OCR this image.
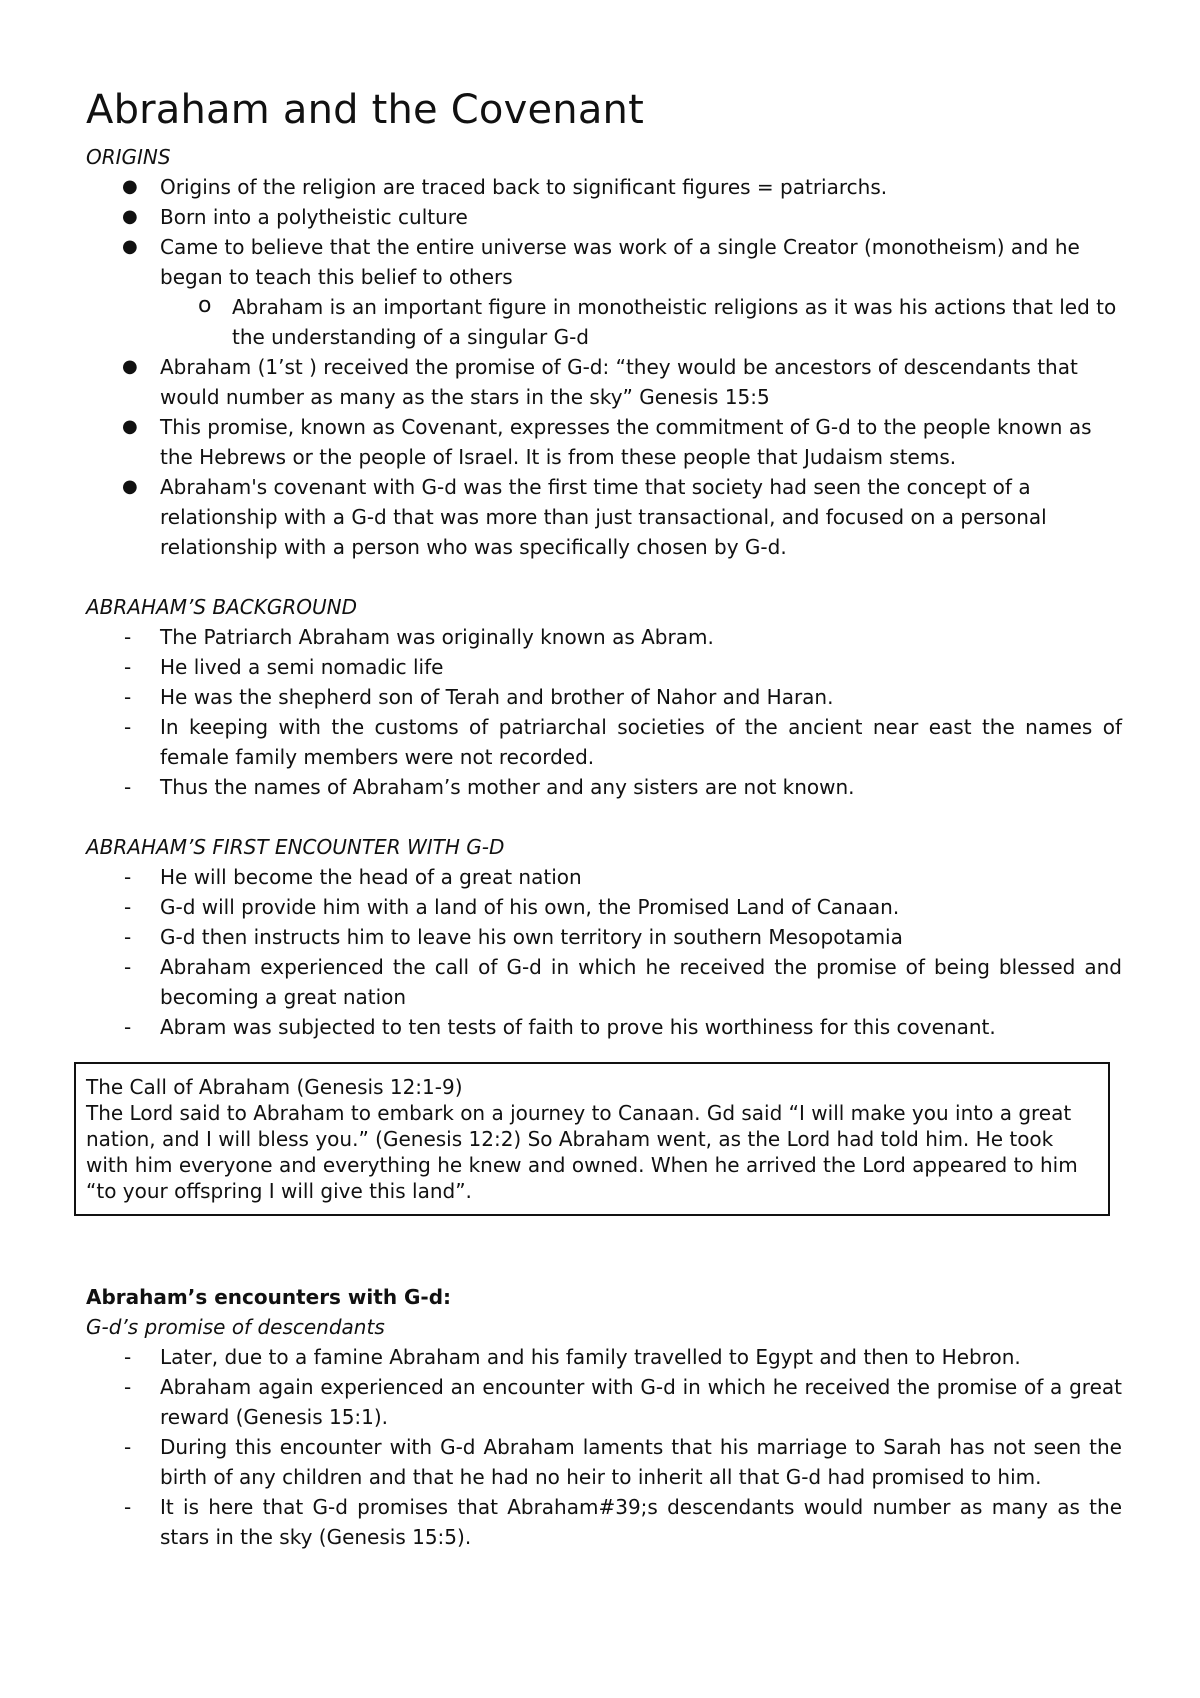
Abraham and the Covenant

ORIGINS

● Origins of the religion are traced back to significant figures = patriarchs.
● Born into a polytheistic culture
● Came to believe that the entire universe was work of a single Creator (monotheism) and he began to teach this belief to others
o Abraham is an important figure in monotheistic religions as it was his actions that led to the understanding of a singular G-d
● Abraham (1’st ) received the promise of G-d: “they would be ancestors of descendants that would number as many as the stars in the sky” Genesis 15:5
● This promise, known as Covenant, expresses the commitment of G-d to the people known as the Hebrews or the people of Israel. It is from these people that Judaism stems.
● Abraham's covenant with G-d was the first time that society had seen the concept of a relationship with a G-d that was more than just transactional, and focused on a personal relationship with a person who was specifically chosen by G-d.

ABRAHAM’S BACKGROUND

- The Patriarch Abraham was originally known as Abram.
- He lived a semi nomadic life
- He was the shepherd son of Terah and brother of Nahor and Haran.
- In keeping with the customs of patriarchal societies of the ancient near east the names of female family members were not recorded.
- Thus the names of Abraham’s mother and any sisters are not known.

ABRAHAM’S FIRST ENCOUNTER WITH G-D

- He will become the head of a great nation
- G-d will provide him with a land of his own, the Promised Land of Canaan.
- G-d then instructs him to leave his own territory in southern Mesopotamia
- Abraham experienced the call of G-d in which he received the promise of being blessed and becoming a great nation
- Abram was subjected to ten tests of faith to prove his worthiness for this covenant.

The Call of Abraham (Genesis 12:1-9)

The Lord said to Abraham to embark on a journey to Canaan. Gd said “I will make you into a great nation, and I will bless you.” (Genesis 12:2) So Abraham went, as the Lord had told him. He took with him everyone and everything he knew and owned. When he arrived the Lord appeared to him “to your offspring I will give this land”.

Abraham’s encounters with G-d:

G-d’s promise of descendants

- Later, due to a famine Abraham and his family travelled to Egypt and then to Hebron.
- Abraham again experienced an encounter with G-d in which he received the promise of a great reward (Genesis 15:1).
- During this encounter with G-d Abraham laments that his marriage to Sarah has not seen the birth of any children and that he had no heir to inherit all that G-d had promised to him.
- It is here that G-d promises that Abraham#39;s descendants would number as many as the stars in the sky (Genesis 15:5).
